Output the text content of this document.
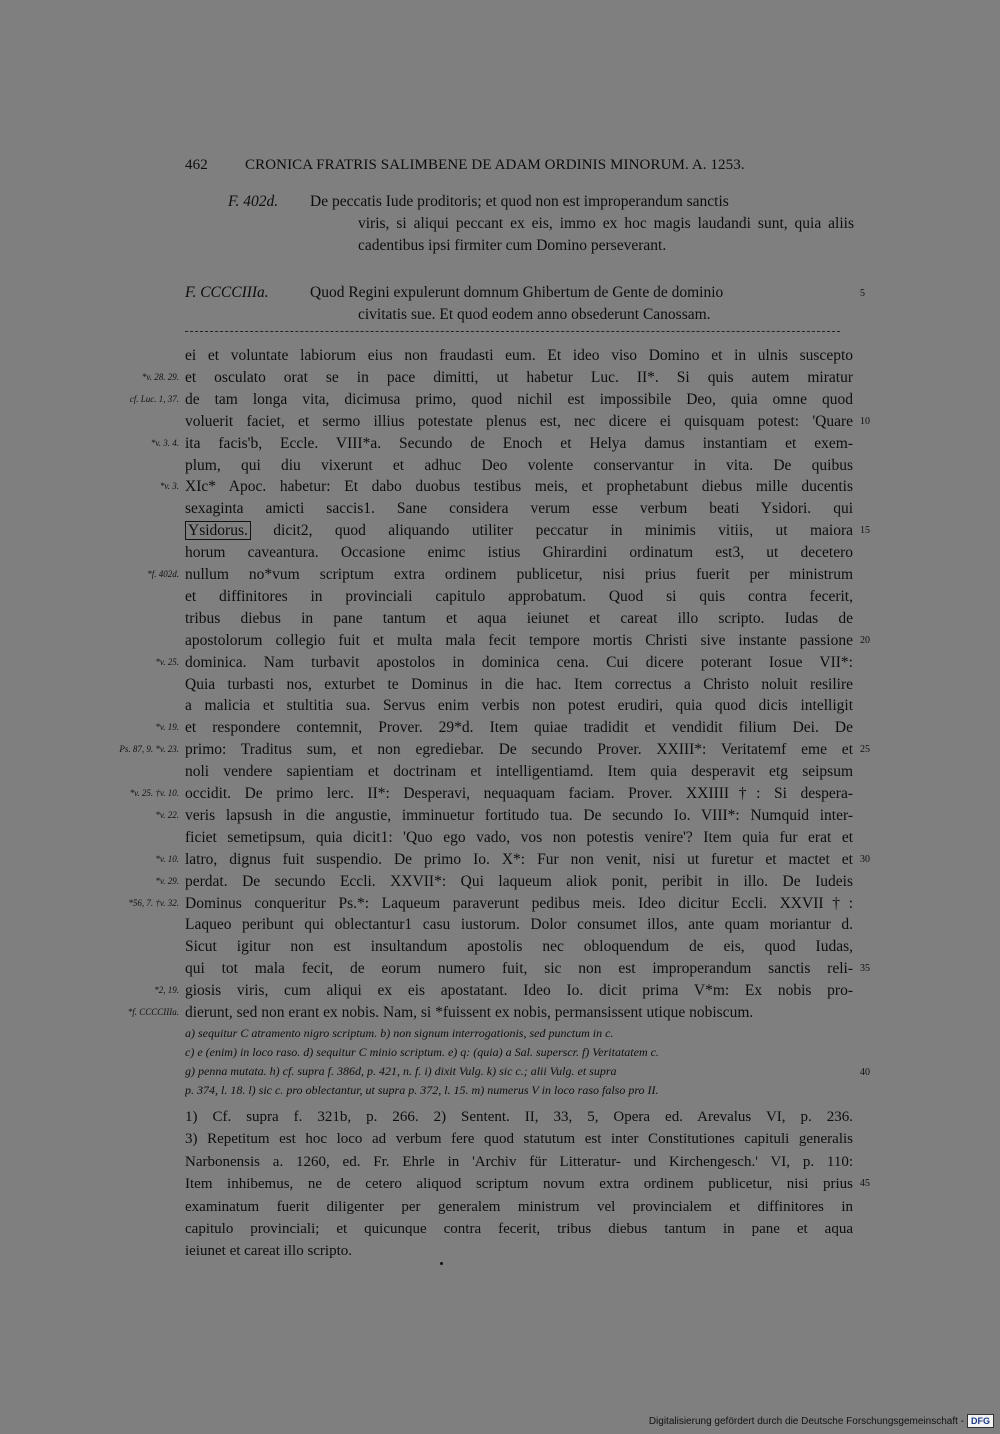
462 CRONICA FRATRIS SALIMBENE DE ADAM ORDINIS MINORUM. A. 1253.
F. 402d. De peccatis Iude proditoris; et quod non est improperandum sanctis
viris, si aliqui peccant ex eis, immo ex hoc magis laudandi sunt, quia aliis cadentibus ipsi firmiter cum Domino perseverant.
F. CCCCIIIa.	Quod Regini expulerunt domnum Ghibertum de Gente de dominio
civitatis sue. Et quod eodem anno obsederunt Canossam.
5
ei et voluntate labiorum eius non fraudasti eum. Et ideo viso Domino et in ulnis suscepto
et osculato orat se in pace dimitti, ut habetur Luc. II*. Si quis autem miratur
*v. 28. 29.
de tam longa vita, dicimusa primo, quod nichil est impossibile Deo, quia omne quod
cf. Luc. 1, 37.
voluerit faciet, et sermo illius potestate plenus est, nec dicere ei quisquam potest: 'Quare 10
ita facis'b, Eccle. VIII*a. Secundo de Enoch et Helya damus instantiam et exem-
*v. 3. 4.
plum, qui diu vixerunt et adhuc Deo volente conservantur in vita. De quibus
XIc* Apoc. habetur: Et dabo duobus testibus meis, et prophetabunt diebus mille ducentis
*v. 3.
sexaginta amicti saccis1. Sane considera verum esse verbum beati Ysidori. qui
Ysidorus. dicit2, quod aliquando utiliter peccatur in minimis vitiis, ut maiora 15
horum caveantura. Occasione enimc istius Ghirardini ordinatum est3, ut decetero
nullum no*vum scriptum extra ordinem publicetur, nisi prius fuerit per ministrum
*f. 402d.
et diffinitores in provinciali capitulo approbatum. Quod si quis contra fecerit,
tribus diebus in pane tantum et aqua ieiunet et careat illo scripto. Iudas de
apostolorum collegio fuit et multa mala fecit tempore mortis Christi sive instante passione 20
dominica. Nam turbavit apostolos in dominica cena. Cui dicere poterant Iosue VII*:
*v. 25.
Quia turbasti nos, exturbet te Dominus in die hac. Item correctus a Christo noluit resilire
a malicia et stultitia sua. Servus enim verbis non potest erudiri, quia quod dicis intelligit
et respondere contemnit, Prover. 29*d. Item quiae tradidit et vendidit filium Dei. De
*v. 19.
primo: Traditus sum, et non egrediebar. De secundo Prover. XXIII*: Veritatemf eme et 25
Ps. 87, 9. *v. 23.
noli vendere sapientiam et doctrinam et intelligentiamd. Item quia desperavit etg seipsum
occidit. De primo lerc. II*: Desperavi, nequaquam faciam. Prover. XXIIII†: Si despera-
*v. 25. †v. 10.
veris lapsush in die angustie, imminuetur fortitudo tua. De secundo Io. VIII*: Numquid inter-
*v. 22.
ficiet semetipsum, quia dicit1: 'Quo ego vado, vos non potestis venire'? Item quia fur erat et
latro, dignus fuit suspendio. De primo Io. X*: Fur non venit, nisi ut furetur et mactet et 30
*v. 10.
perdat. De secundo Eccli. XXVII*: Qui laqueum aliok ponit, peribit in illo. De Iudeis
*v. 29.
Dominus conqueritur Ps.*: Laqueum paraverunt pedibus meis. Ideo dicitur Eccli. XXVII†:
*56, 7. †v. 32.
Laqueo peribunt qui oblectantur1 casu iustorum. Dolor consumet illos, ante quam moriantur d.
Sicut igitur non est insultandum apostolis nec obloquendum de eis, quod Iudas,
qui tot mala fecit, de eorum numero fuit, sic non est improperandum sanctis reli- 35
giosis viris, cum aliqui ex eis apostatant. Ideo Io. dicit prima V*m: Ex nobis pro-
*2, 19.
dierunt, sed non erant ex nobis. Nam, si *fuissent ex nobis, permansissent utique nobiscum.
*f. CCCCIIIa.
a) sequitur C atramento nigro scriptum. b) non signum interrogationis, sed punctum in c.
c) e (enim) in loco raso. d) sequitur C minio scriptum. e) q: (quia) a Sal. superscr. f) Veritatatem c.
g) penna mutata. h) cf. supra f. 386d, p. 421, n. f. i) dixit Vulg. k) sic c.; alii Vulg. et supra	40
p. 374, l. 18. l) sic c. pro oblectantur, ut supra p. 372, l. 15. m) numerus V in loco raso falso pro II.
1) Cf. supra f. 321b, p. 266. 2) Sentent. II, 33, 5, Opera ed. Arevalus VI, p. 236.
3) Repetitum est hoc loco ad verbum fere quod statutum est inter Constitutiones capituli generalis
Narbonensis a. 1260, ed. Fr. Ehrle in 'Archiv für Litteratur- und Kirchengesch.' VI, p. 110:
Item inhibemus, ne de cetero aliquod scriptum novum extra ordinem publicetur, nisi prius 45
examinatum fuerit diligenter per generalem ministrum vel provincialem et diffinitores in
capitulo provinciali; et quicunque contra fecerit, tribus diebus tantum in pane et aqua
ieiunet et careat illo scripto.
Digitalisierung gefördert durch die Deutsche Forschungsgemeinschaft - DFG
